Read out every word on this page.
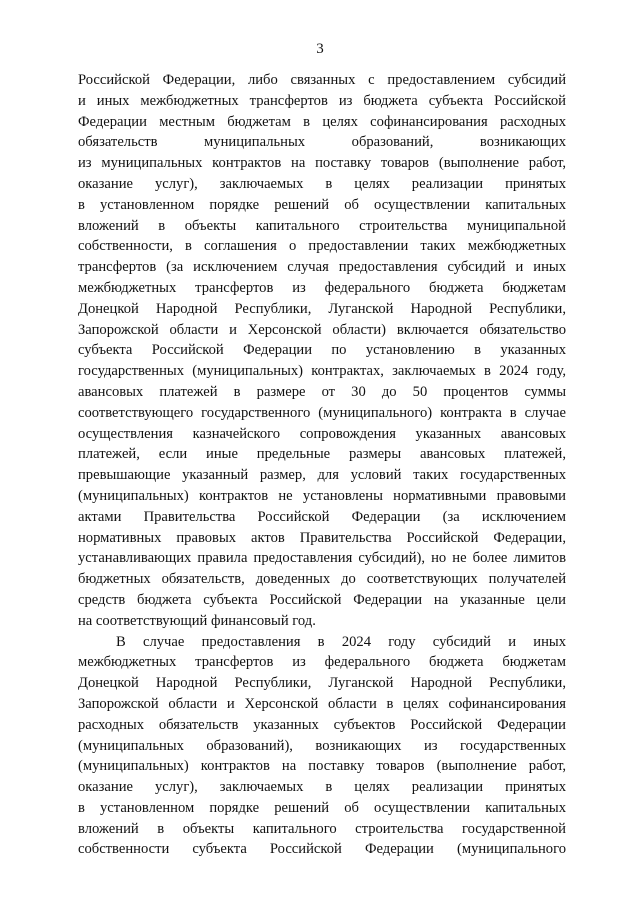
3
Российской Федерации, либо связанных с предоставлением субсидий
и иных межбюджетных трансфертов из бюджета субъекта Российской
Федерации местным бюджетам в целях софинансирования расходных
обязательств муниципальных образований, возникающих
из муниципальных контрактов на поставку товаров (выполнение работ,
оказание услуг), заключаемых в целях реализации принятых
в установленном порядке решений об осуществлении капитальных
вложений в объекты капитального строительства муниципальной
собственности, в соглашения о предоставлении таких межбюджетных
трансфертов (за исключением случая предоставления субсидий и иных
межбюджетных трансфертов из федерального бюджета бюджетам
Донецкой Народной Республики, Луганской Народной Республики,
Запорожской области и Херсонской области) включается обязательство
субъекта Российской Федерации по установлению в указанных
государственных (муниципальных) контрактах, заключаемых в 2024 году,
авансовых платежей в размере от 30 до 50 процентов суммы
соответствующего государственного (муниципального) контракта в случае
осуществления казначейского сопровождения указанных авансовых
платежей, если иные предельные размеры авансовых платежей,
превышающие указанный размер, для условий таких государственных
(муниципальных) контрактов не установлены нормативными правовыми
актами Правительства Российской Федерации (за исключением
нормативных правовых актов Правительства Российской Федерации,
устанавливающих правила предоставления субсидий), но не более лимитов
бюджетных обязательств, доведенных до соответствующих получателей
средств бюджета субъекта Российской Федерации на указанные цели
на соответствующий финансовый год.
В случае предоставления в 2024 году субсидий и иных
межбюджетных трансфертов из федерального бюджета бюджетам
Донецкой Народной Республики, Луганской Народной Республики,
Запорожской области и Херсонской области в целях софинансирования
расходных обязательств указанных субъектов Российской Федерации
(муниципальных образований), возникающих из государственных
(муниципальных) контрактов на поставку товаров (выполнение работ,
оказание услуг), заключаемых в целях реализации принятых
в установленном порядке решений об осуществлении капитальных
вложений в объекты капитального строительства государственной
собственности субъекта Российской Федерации (муниципального
